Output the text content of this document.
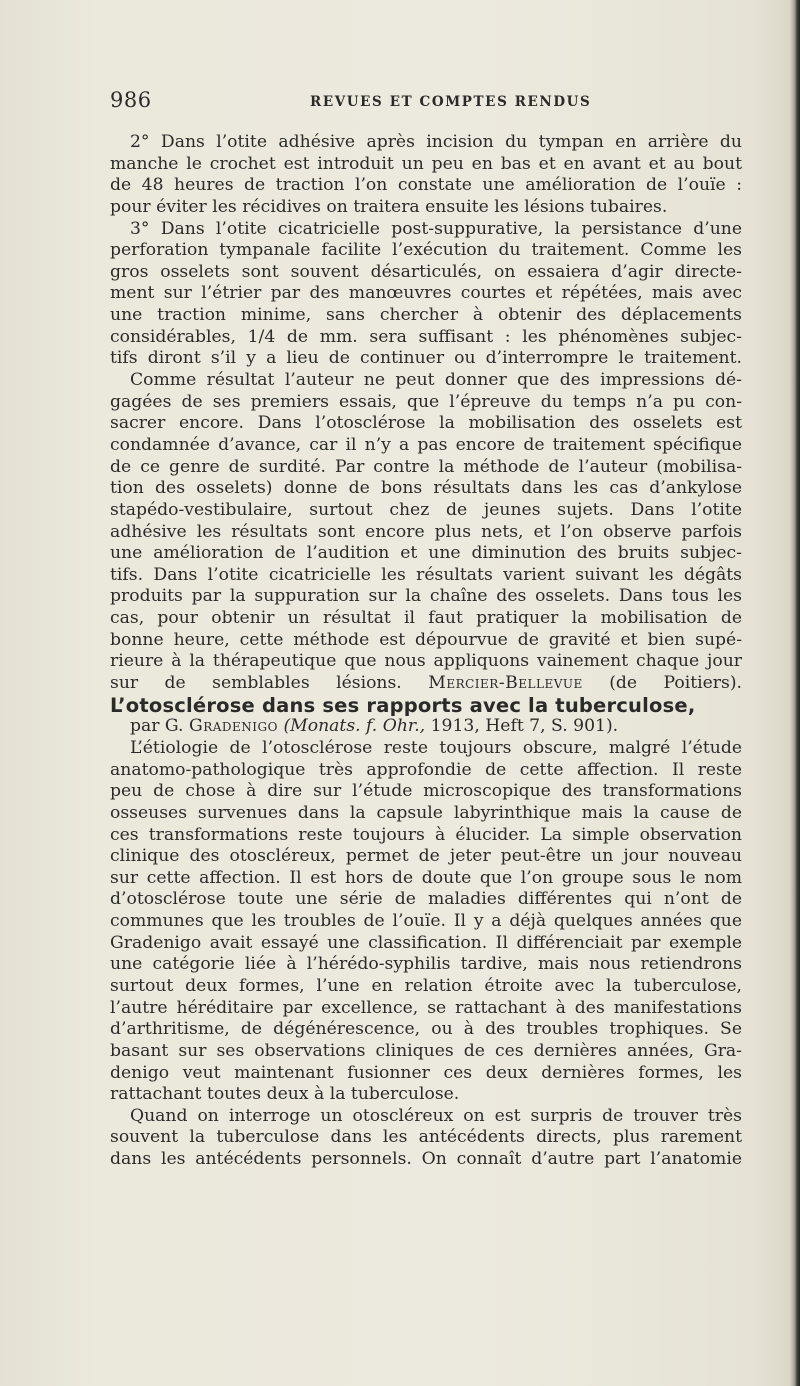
986	REVUES ET COMPTES RENDUS
2° Dans l’otite adhésive après incision du tympan en arrière du
manche le crochet est introduit un peu en bas et en avant et au bout
de 48 heures de traction l’on constate une amélioration de l’ouïe :
pour éviter les récidives on traitera ensuite les lésions tubaires.
3° Dans l’otite cicatricielle post-suppurative, la persistance d’une
perforation tympanale facilite l’exécution du traitement. Comme les
gros osselets sont souvent désarticulés, on essaiera d’agir directe-
ment sur l’étrier par des manœuvres courtes et répétées, mais avec
une traction minime, sans chercher à obtenir des déplacements
considérables, 1/4 de mm. sera suffisant : les phénomènes subjec-
tifs diront s’il y a lieu de continuer ou d’interrompre le traitement.
Comme résultat l’auteur ne peut donner que des impressions dé-
gagées de ses premiers essais, que l’épreuve du temps n’a pu con-
sacrer encore. Dans l’otosclérose la mobilisation des osselets est
condamnée d’avance, car il n’y a pas encore de traitement spécifique
de ce genre de surdité. Par contre la méthode de l’auteur (mobilisa-
tion des osselets) donne de bons résultats dans les cas d’ankylose
stapédo-vestibulaire, surtout chez de jeunes sujets. Dans l’otite
adhésive les résultats sont encore plus nets, et l’on observe parfois
une amélioration de l’audition et une diminution des bruits subjec-
tifs. Dans l’otite cicatricielle les résultats varient suivant les dégâts
produits par la suppuration sur la chaîne des osselets. Dans tous les
cas, pour obtenir un résultat il faut pratiquer la mobilisation de
bonne heure, cette méthode est dépourvue de gravité et bien supé-
rieure à la thérapeutique que nous appliquons vainement chaque jour
sur de semblables lésions. Mercier-Bellevue (de Poitiers).
L’otosclérose dans ses rapports avec la tuberculose,
par G. Gradenigo (Monats. f. Ohr., 1913, Heft 7, S. 901).
L’étiologie de l’otosclérose reste toujours obscure, malgré l’étude
anatomo-pathologique très approfondie de cette affection. Il reste
peu de chose à dire sur l’étude microscopique des transformations
osseuses survenues dans la capsule labyrinthique mais la cause de
ces transformations reste toujours à élucider. La simple observation
clinique des otoscléreux, permet de jeter peut-être un jour nouveau
sur cette affection. Il est hors de doute que l’on groupe sous le nom
d’otosclérose toute une série de maladies différentes qui n’ont de
communes que les troubles de l’ouïe. Il y a déjà quelques années que
Gradenigo avait essayé une classification. Il différenciait par exemple
une catégorie liée à l’hérédo-syphilis tardive, mais nous retiendrons
surtout deux formes, l’une en relation étroite avec la tuberculose,
l’autre héréditaire par excellence, se rattachant à des manifestations
d’arthritisme, de dégénérescence, ou à des troubles trophiques. Se
basant sur ses observations cliniques de ces dernières années, Gra-
denigo veut maintenant fusionner ces deux dernières formes, les
rattachant toutes deux à la tuberculose.
Quand on interroge un otoscléreux on est surpris de trouver très
souvent la tuberculose dans les antécédents directs, plus rarement
dans les antécédents personnels. On connaît d’autre part l’anatomie
